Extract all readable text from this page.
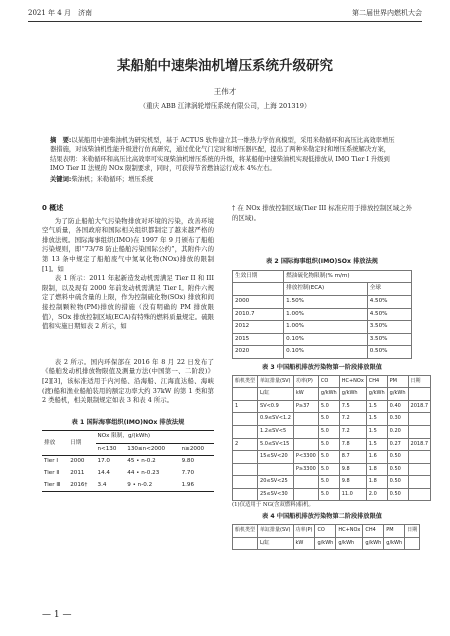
2021 年 4 月　济南	第二届世界内燃机大会
某船舶中速柴油机增压系统升级研究
王伟才
（重庆 ABB 江津涡轮增压系统有限公司，上海 201319）
摘　要:以某船用中速柴油机为研究机型，基于 ACTUS 软件建立其一维热力学仿真模型，采用米勒循环和高压比高效率增压器措施，对该柴油机性能升级进行仿真研究，通过优化气门定时和增压器匹配，提出了两种米勒定时和增压系统解决方案，结果表明：米勒循环和高压比高效率可实现柴油机增压系统的升级，将某船舶中速柴油机实现低排放从 IMO Tier I 升级到 IMO Tier II 法规的 NOx 限制要求，同时，可获得节省燃油运行成本 4%左右。
关键词:柴油机；米勒循环；增压系统
0 概述

为了防止船舶大气污染物排放对环境的污染，改善环境空气质量，各国政府和国际相关组织都制定了越来越严格的排放法规。国际海事组织(IMO)在 1997 年 9 月颁布了船舶污染规则，即“73/78 防止船舶污染国际公约”，其附件六的第 13 条中规定了船舶废气中氮氧化物(NOx)排放的限制[1]。如

表 1 所示：2011 年起新造发动机需满足 Tier II 和 III 限制，以及现有 2000 年前发动机需满足 Tier I。附件六规定了燃料中硫含量的上限，作为控制硫化物(SOx) 排放和间接控制颗粒物(PM)排放的措施（没有明确的 PM 排放限值），SOx 排放控制区域(ECA)有特殊的燃料质量规定。硫限值和实施日期如表 2 所示，如

表 2 所示。国内环保部在 2016 年 8 月 22 日发布了《船舶发动机排放物限值及测量方法(中国第一、二阶段)》[2][3]，该标准适用于内河船、沿海船、江海直达船、海峡(渡)船和渔业船舶装用的额定功率大约 37kW 的第 1 类和第 2 类船机，相关限制规定如表 3 和表 4 所示。

表 1 国际海事组织(IMO)NOx 排放法规
排放	日期	NOx 限制，g/(kWh)		
		n<130	130≤n<2000	n≥2000
Tier Ⅰ	2000	17.0	45 • n-0.2	9.80
Tier Ⅱ	2011	14.4	44 • n-0.23	7.70
Tier Ⅲ	2016†	3.4	9 • n-0.2	1.96

† 在 NOx 排放控制区域(Tier III 标准应用于排放控制区域之外的区域)。

表 2 国际海事组织(IMO)SOx 排放法规
生效日期	燃油硫化物限制(% m/m)	
	排放控制(ECA)	全球
2000	1.50%	4.50%
2010.7	1.00%	4.50%
2012	1.00%	3.50%
2015	0.10%	3.50%
2020	0.10%	0.50%
表 3 中国船机排放污染物第一阶段排放限值
船机类型	单缸排量(SV)	功率(P)	CO	HC+NOx	CH4	PM	日期
	L/缸	kW	g/kWh	g/kWh	g/kWh	g/kWh	
1	SV<0.9	P≥37	5.0	7.5	1.5	0.40	2018.7
	0.9≤SV<1.2		5.0	7.2	1.5	0.30	
	1.2≤SV<5		5.0	7.2	1.5	0.20	
2	5.0≤SV<15		5.0	7.8	1.5	0.27	2018.7
	15≤SV<20	P<3300	5.0	8.7	1.6	0.50	
		P≥3300	5.0	9.8	1.8	0.50	
	20≤SV<25		5.0	9.8	1.8	0.50	
	25≤SV<30		5.0	11.0	2.0	0.50	
(1)仅适用于 NG(含双燃料)船机。
表 4 中国船机排放污染物第二阶段排放限值
船机类型	单缸排量(SV)	功率(P)	CO	HC+NOx	CH4	PM	日期
	L/缸	kW	g/kWh	g/kWh	g/kWh	g/kWh	
— 1 —
